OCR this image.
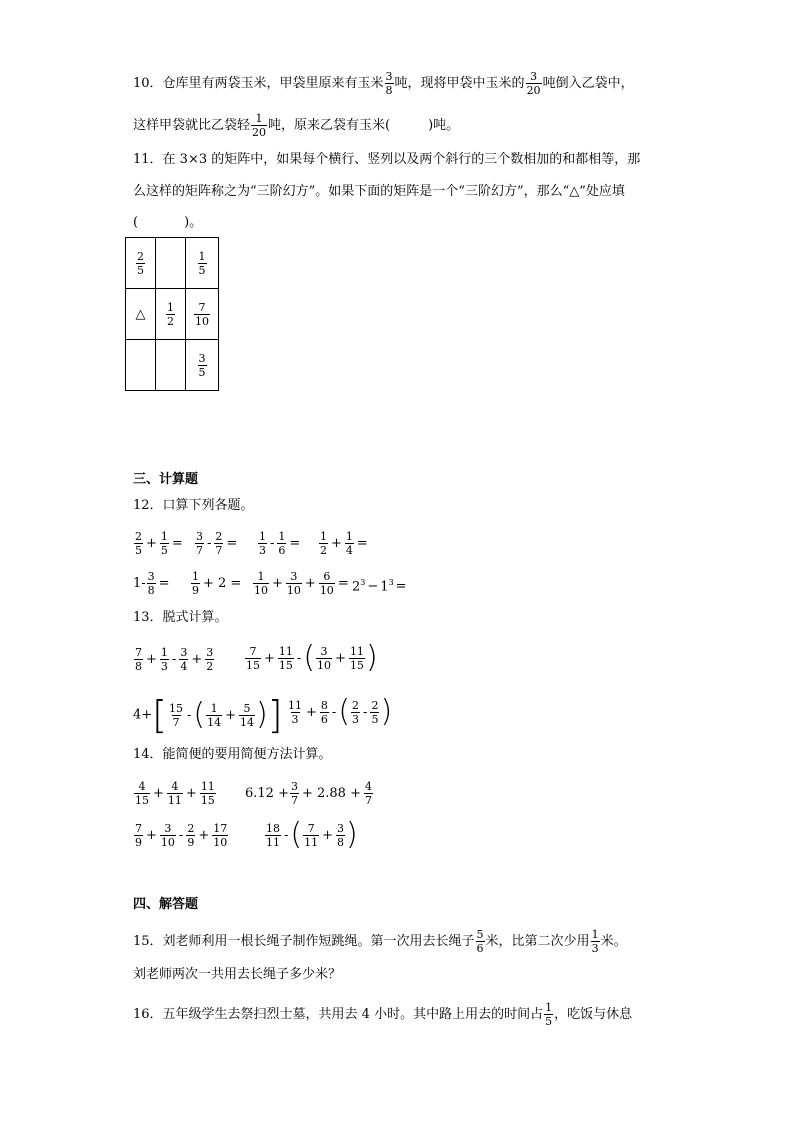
10．仓库里有两袋玉米，甲袋里原来有玉米 $\frac{3}{8}$ 吨，现将甲袋中玉米的 $\frac{3}{20}$ 吨倒入乙袋中，
这样甲袋就比乙袋轻 $\frac{1}{20}$ 吨，原来乙袋有玉米(	)吨。
11．在 3×3 的矩阵中，如果每个横行、竖列以及两个斜行的三个数相加的和都相等，那
么这样的矩阵称之为“三阶幻方”。如果下面的矩阵是一个“三阶幻方”，那么“△”处应填
(	)。
$\frac{2}{5}$		$\frac{1}{5}$

△	$\frac{1}{2}$	$\frac{7}{10}$

		$\frac{3}{5}$
三、计算题
12．口算下列各题。
$\frac{2}{5} + \frac{1}{5} = \frac{3}{7} - \frac{2}{7} = \frac{1}{3} - \frac{1}{6} = \frac{1}{2} + \frac{1}{4}$ =
$1- \frac{3}{8} = \frac{1}{9} + 2 = \frac{1}{10} + \frac{3}{10} + \frac{6}{10} = 2^3 - 1^3$ =
13．脱式计算。
$\frac{7}{8} + \frac{1}{3} - \frac{3}{4} + \frac{3}{2}$	$\frac{7}{15} + \frac{11}{15}$ -( $\frac{3}{10} + \frac{11}{15}$ )
$4+[ \frac{15}{7}$ -( $\frac{1}{14} + \frac{5}{14}$ )] $\frac{11}{3} + \frac{8}{6}$ -( $\frac{2}{3} - \frac{2}{5}$ )
14．能简便的要用简便方法计算。
$\frac{4}{15} + \frac{4}{11} + \frac{11}{15} 6.12 + \frac{3}{7} + 2.88 + \frac{4}{7}$
$\frac{7}{9} + \frac{3}{10} - \frac{2}{9} + \frac{17}{10}$	$\frac{18}{11}$ -( $\frac{7}{11} + \frac{3}{8}$ )
四、解答题
15．刘老师利用一根长绳子制作短跳绳。第一次用去长绳子 $\frac{5}{6}$ 米，比第二次少用 $\frac{1}{3}$ 米。
刘老师两次一共用去长绳子多少米？
16．五年级学生去祭扫烈士墓，共用去 4 小时。其中路上用去的时间占 $\frac{1}{5}$ ，吃饭与休息
